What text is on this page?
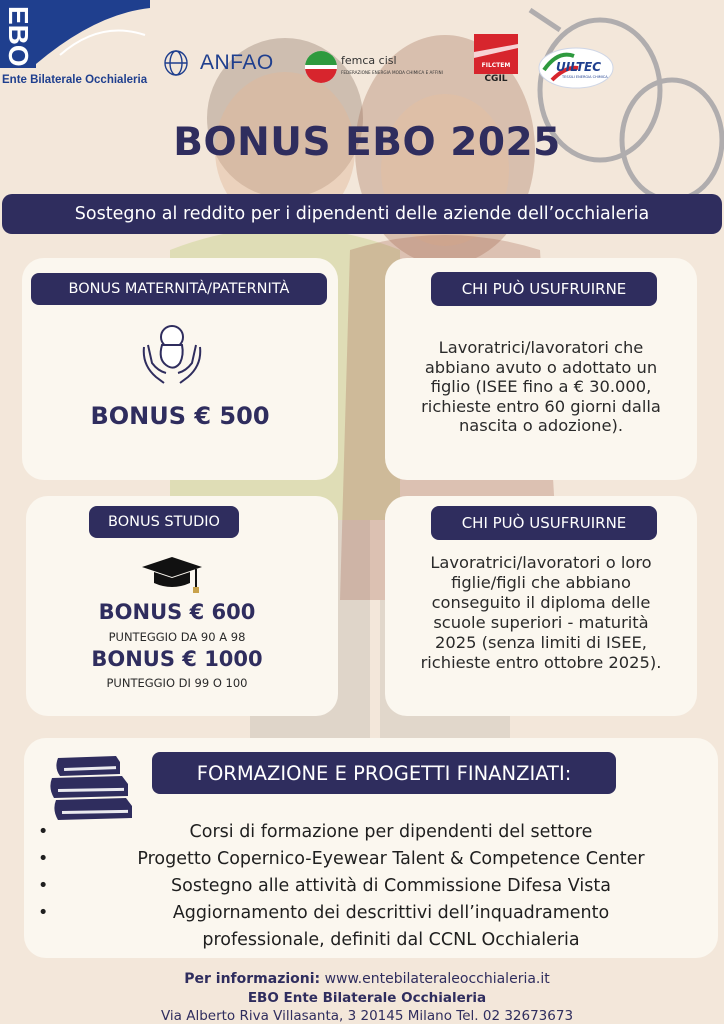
EBO
Ente Bilaterale Occhialeria
ANFAO	femca cisl
FEDERAZIONE ENERGIA MODA CHIMICA E AFFINI
FILCTEM
CGIL
UILTEC
TESSILI ENERGIA CHIMICA
BONUS EBO 2025
Sostegno al reddito per i dipendenti delle aziende dell’occhialeria
BONUS MATERNITÀ/PATERNITÀ
BONUS € 500
CHI PUÒ USUFRUIRNE
Lavoratrici/lavoratori che
abbiano avuto o adottato un
figlio (ISEE fino a € 30.000,
richieste entro 60 giorni dalla
nascita o adozione).
BONUS STUDIO
BONUS € 600
PUNTEGGIO DA 90 A 98
BONUS € 1000
PUNTEGGIO DI 99 O 100
CHI PUÒ USUFRUIRNE
Lavoratrici/lavoratori o loro
figlie/figli che abbiano
conseguito il diploma delle
scuole superiori - maturità
2025 (senza limiti di ISEE,
richieste entro ottobre 2025).
FORMAZIONE E PROGETTI FINANZIATI:
•	Corsi di formazione per dipendenti del settore
•	Progetto Copernico-Eyewear Talent & Competence Center
•	Sostegno alle attività di Commissione Difesa Vista
•	Aggiornamento dei descrittivi dell’inquadramento
professionale, definiti dal CCNL Occhialeria
Per informazioni: www.entebilateraleocchialeria.it
EBO Ente Bilaterale Occhialeria
Via Alberto Riva Villasanta, 3 20145 Milano Tel. 02 32673673
